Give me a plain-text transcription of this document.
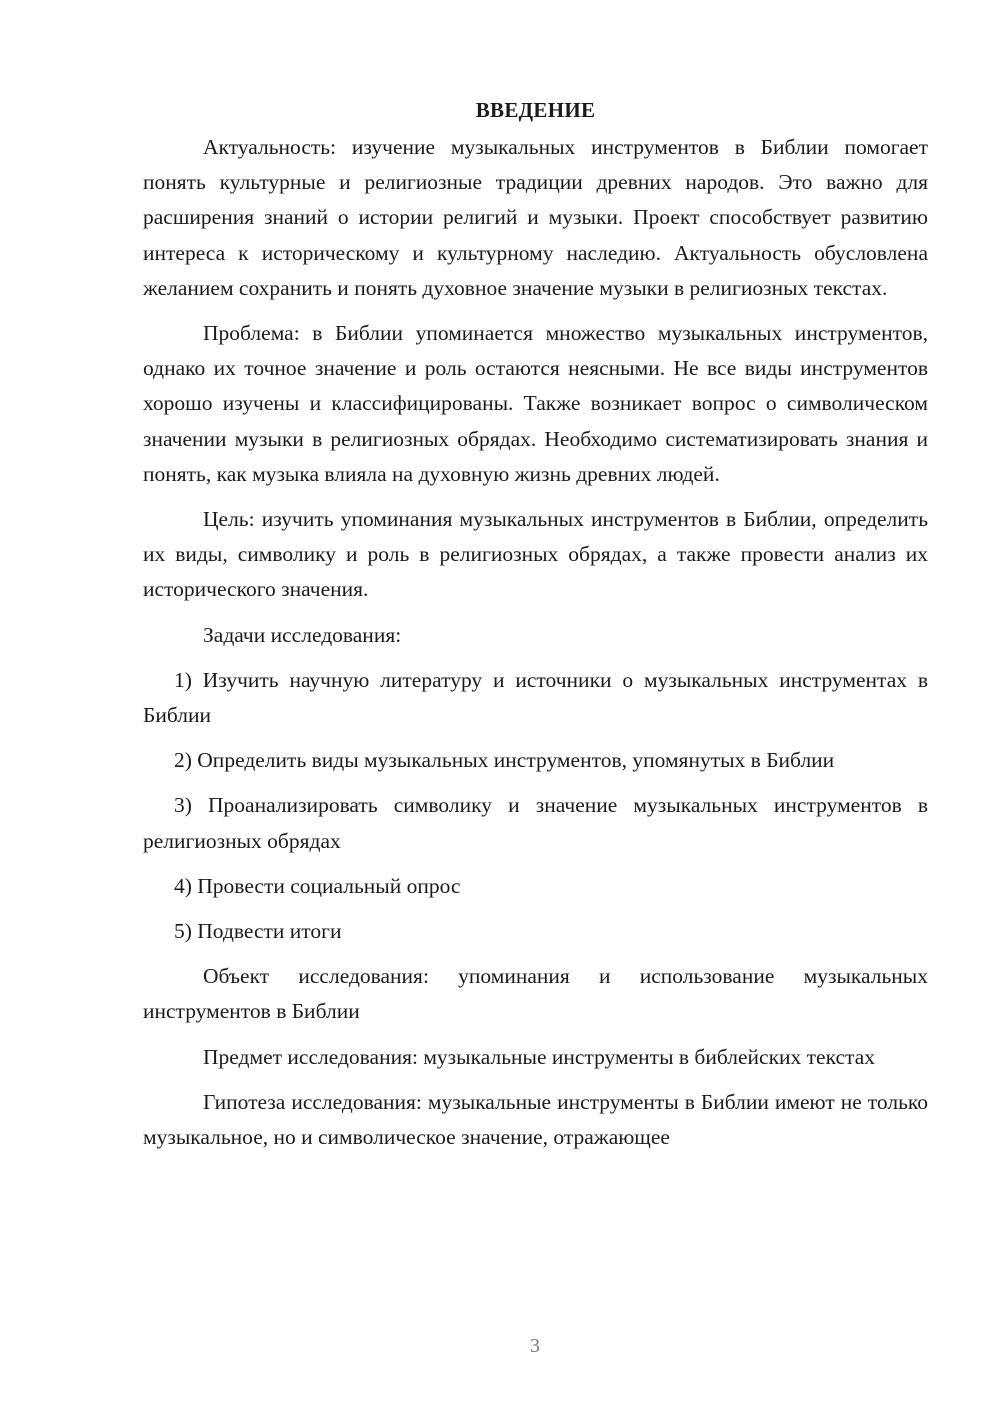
ВВЕДЕНИЕ

Актуальность: изучение музыкальных инструментов в Библии помогает понять культурные и религиозные традиции древних народов. Это важно для расширения знаний о истории религий и музыки. Проект способствует развитию интереса к историческому и культурному наследию. Актуальность обусловлена желанием сохранить и понять духовное значение музыки в религиозных текстах.

Проблема: в Библии упоминается множество музыкальных инструментов, однако их точное значение и роль остаются неясными. Не все виды инструментов хорошо изучены и классифицированы. Также возникает вопрос о символическом значении музыки в религиозных обрядах. Необходимо систематизировать знания и понять, как музыка влияла на духовную жизнь древних людей.

Цель: изучить упоминания музыкальных инструментов в Библии, определить их виды, символику и роль в религиозных обрядах, а также провести анализ их исторического значения.

Задачи исследования:

1) Изучить научную литературу и источники о музыкальных инструментах в Библии

2) Определить виды музыкальных инструментов, упомянутых в Библии

3) Проанализировать символику и значение музыкальных инструментов в религиозных обрядах

4) Провести социальный опрос

5) Подвести итоги

Объект исследования: упоминания и использование музыкальных инструментов в Библии

Предмет исследования: музыкальные инструменты в библейских текстах

Гипотеза исследования: музыкальные инструменты в Библии имеют не только музыкальное, но и символическое значение, отражающее

3
